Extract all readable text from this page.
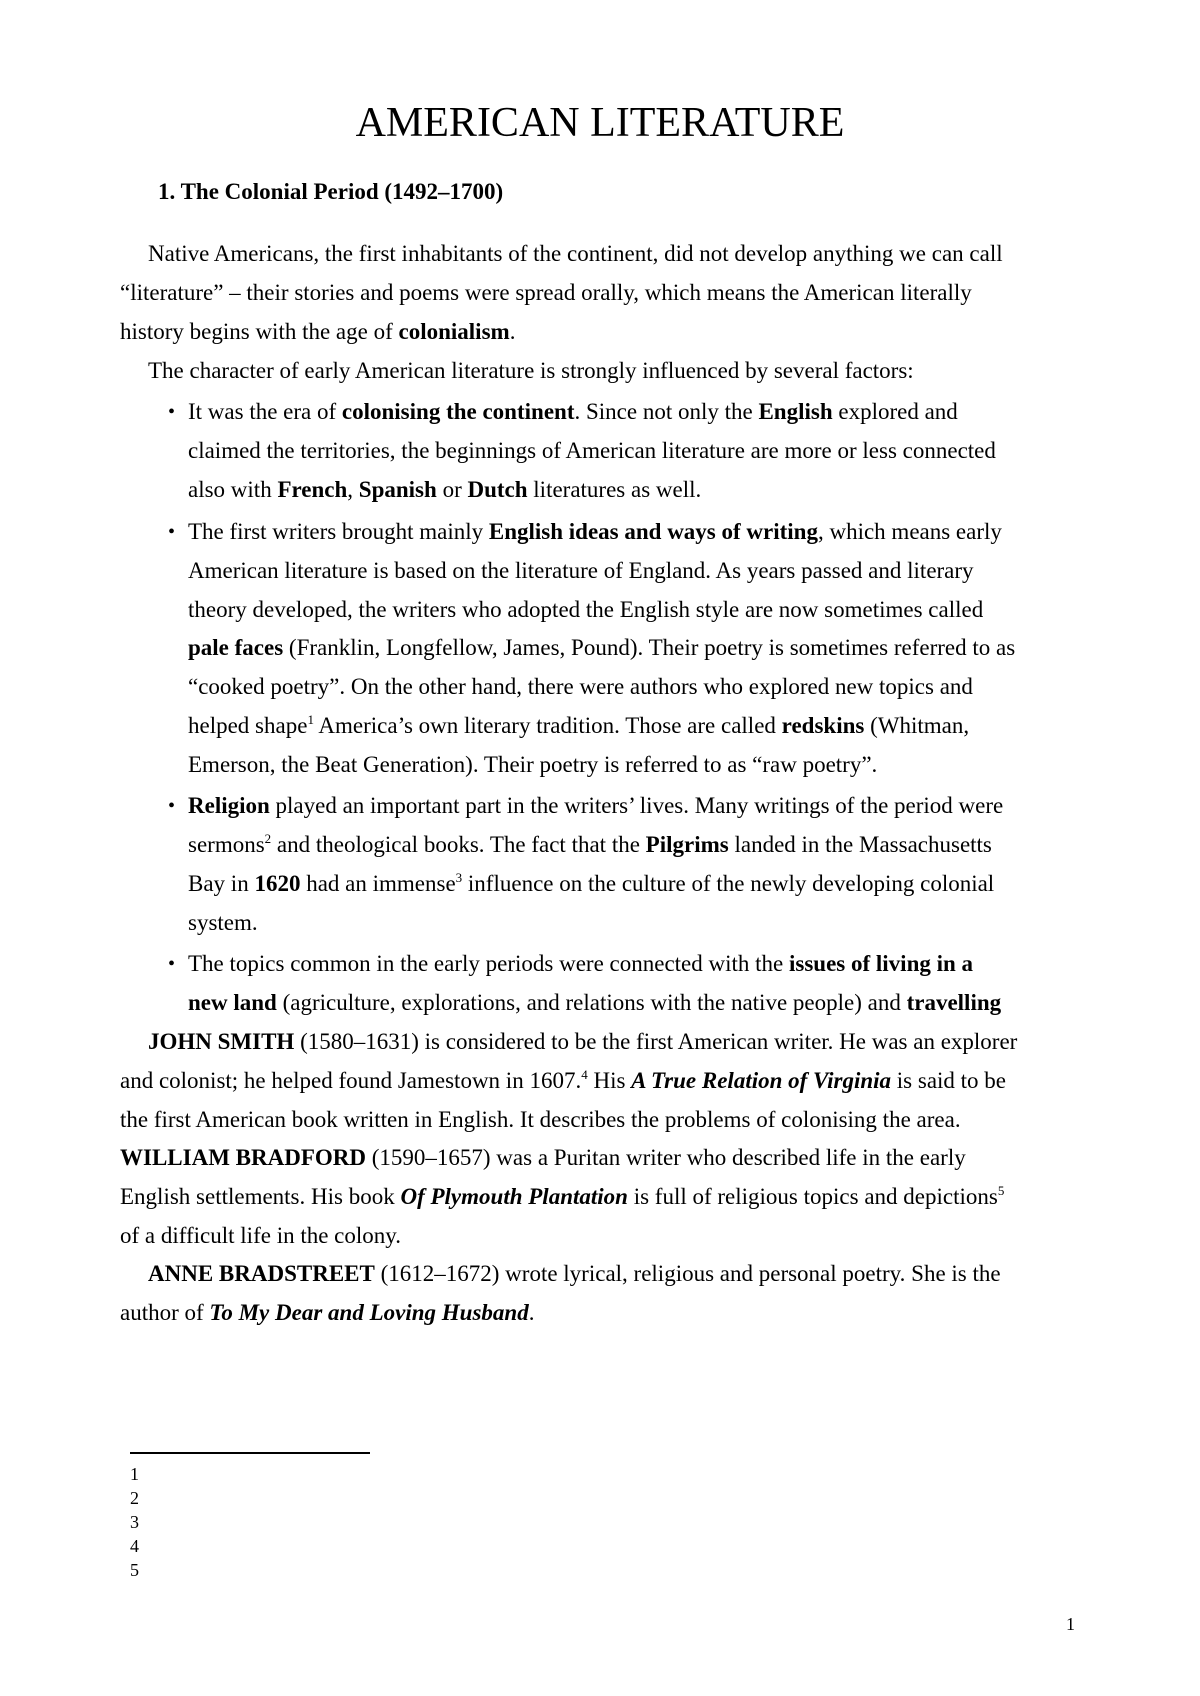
AMERICAN LITERATURE
1. The Colonial Period (1492–1700)
Native Americans, the first inhabitants of the continent, did not develop anything we can call
“literature” – their stories and poems were spread orally, which means the American literally
history begins with the age of colonialism.
The character of early American literature is strongly influenced by several factors:
• It was the era of colonising the continent. Since not only the English explored and
claimed the territories, the beginnings of American literature are more or less connected
also with French, Spanish or Dutch literatures as well.
• The first writers brought mainly English ideas and ways of writing, which means early
American literature is based on the literature of England. As years passed and literary
theory developed, the writers who adopted the English style are now sometimes called
pale faces (Franklin, Longfellow, James, Pound). Their poetry is sometimes referred to as
“cooked poetry”. On the other hand, there were authors who explored new topics and
helped shape$^1$ America’s own literary tradition. Those are called redskins (Whitman,
Emerson, the Beat Generation). Their poetry is referred to as “raw poetry”.
• Religion played an important part in the writers’ lives. Many writings of the period were
sermons$^2$ and theological books. The fact that the Pilgrims landed in the Massachusetts
Bay in 1620 had an immense$^3$ influence on the culture of the newly developing colonial
system.
• The topics common in the early periods were connected with the issues of living in a
new land (agriculture, explorations, and relations with the native people) and travelling
JOHN SMITH (1580–1631) is considered to be the first American writer. He was an explorer
and colonist; he helped found Jamestown in 1607.$^4$ His A True Relation of Virginia is said to be
the first American book written in English. It describes the problems of colonising the area.
WILLIAM BRADFORD (1590–1657) was a Puritan writer who described life in the early
English settlements. His book Of Plymouth Plantation is full of religious topics and depictions$^5$
of a difficult life in the colony.
ANNE BRADSTREET (1612–1672) wrote lyrical, religious and personal poetry. She is the
author of To My Dear and Loving Husband.
1
2
3
4
5
1
